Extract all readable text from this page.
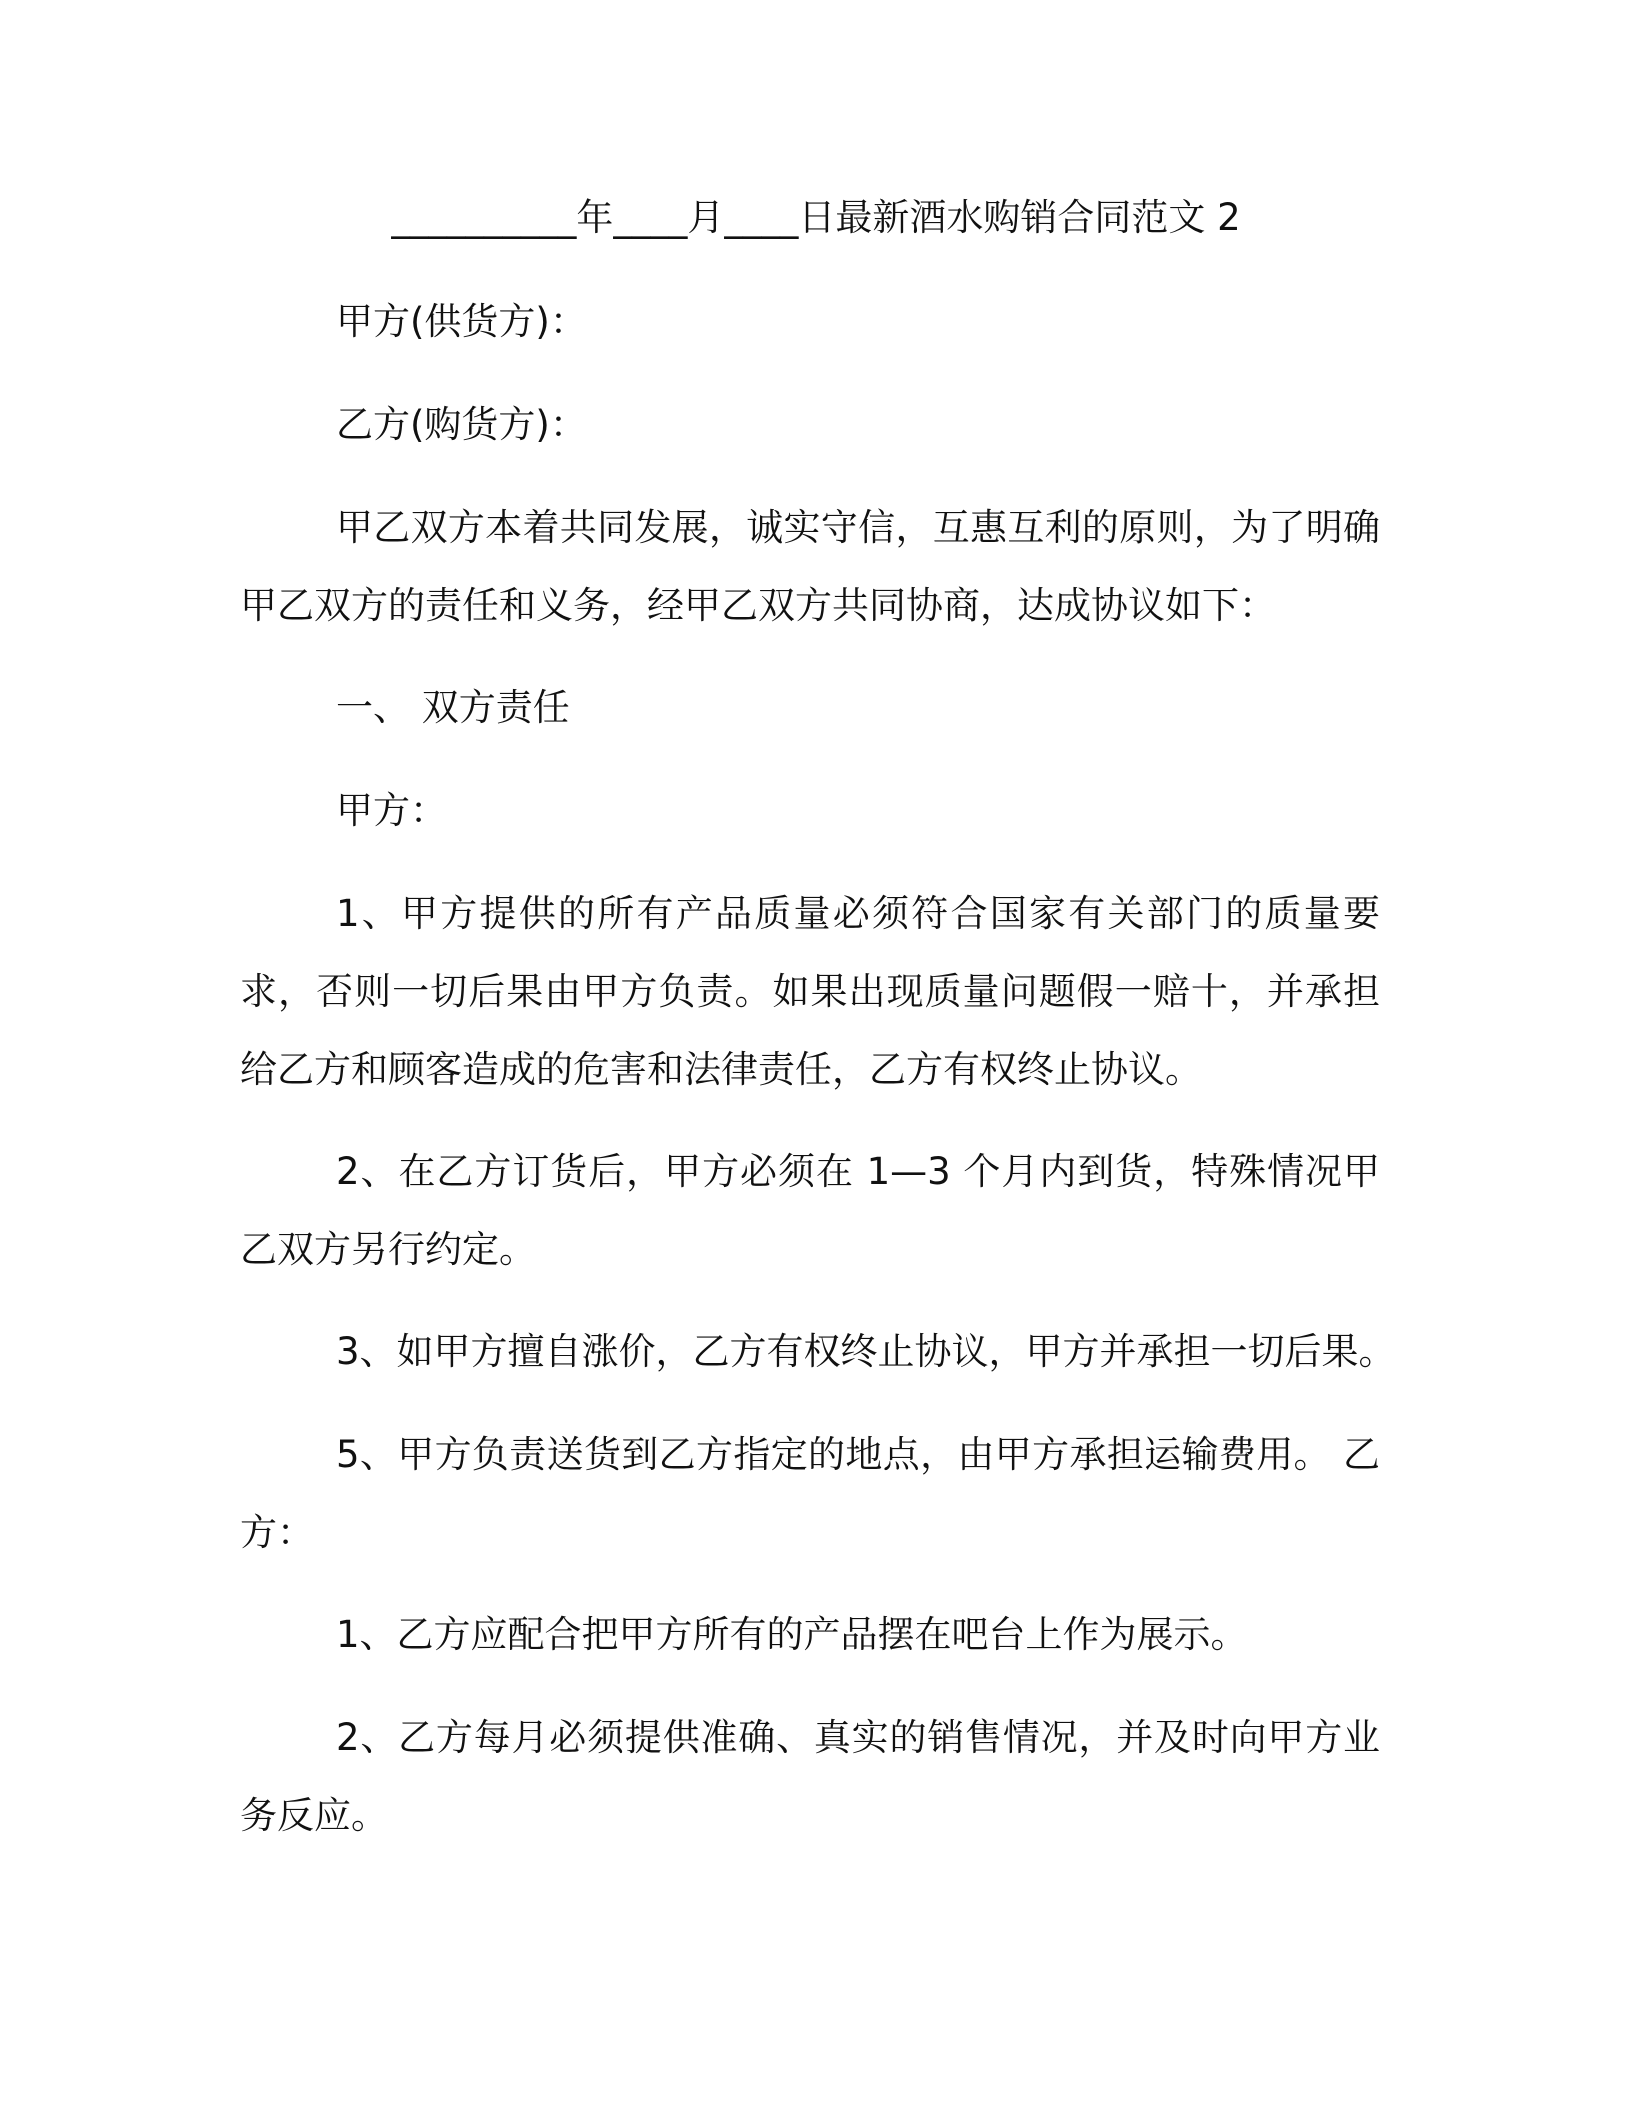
__________年____月____日最新酒水购销合同范文 2

甲方(供货方)：

乙方(购货方)：

甲乙双方本着共同发展，诚实守信，互惠互利的原则，为了明确甲乙双方的责任和义务，经甲乙双方共同协商，达成协议如下：

一、 双方责任

甲方：

1、甲方提供的所有产品质量必须符合国家有关部门的质量要求，否则一切后果由甲方负责。如果出现质量问题假一赔十，并承担给乙方和顾客造成的危害和法律责任，乙方有权终止协议。

2、在乙方订货后，甲方必须在 1—3 个月内到货，特殊情况甲乙双方另行约定。

3、如甲方擅自涨价，乙方有权终止协议，甲方并承担一切后果。

5、甲方负责送货到乙方指定的地点，由甲方承担运输费用。 乙方：

1、乙方应配合把甲方所有的产品摆在吧台上作为展示。

2、乙方每月必须提供准确、真实的销售情况，并及时向甲方业务反应。
